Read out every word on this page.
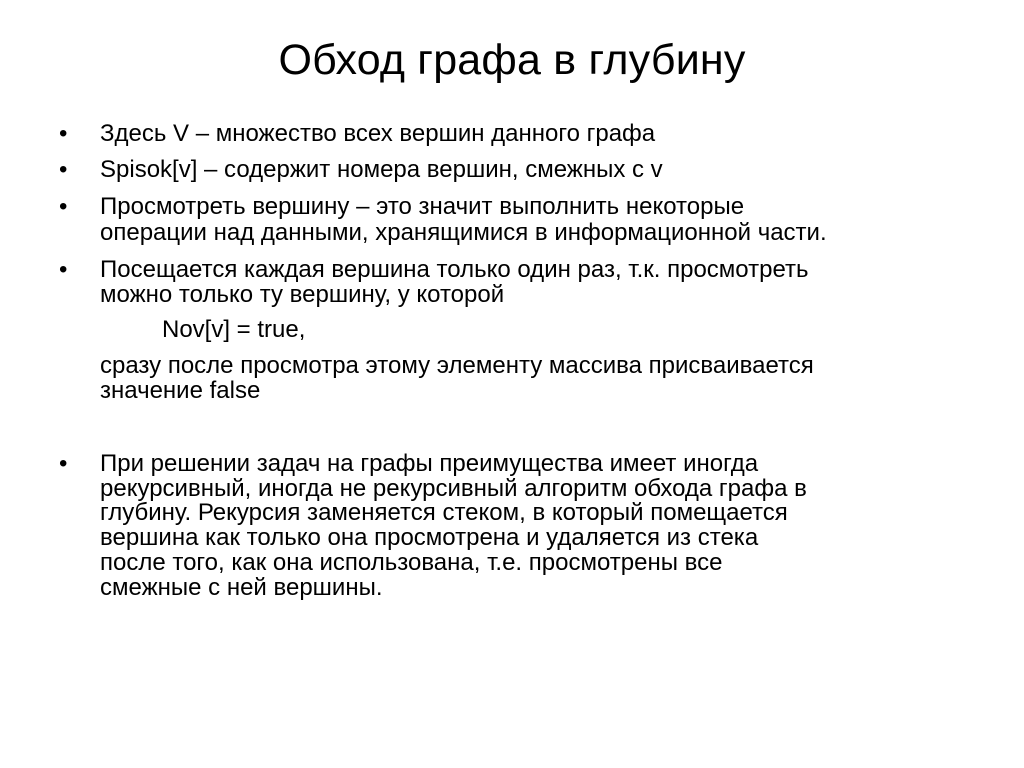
Обход графа в глубину
• Здесь V – множество всех вершин данного графа
• Spisok[v] – содержит номера вершин, смежных с v
• Просмотреть вершину – это значит выполнить некоторые
операции над данными, хранящимися в информационной части.
• Посещается каждая вершина только один раз, т.к. просмотреть
можно только ту вершину, у которой
Nov[v] = true,
сразу после просмотра этому элементу массива присваивается
значение false
• При решении задач на графы преимущества имеет иногда
рекурсивный, иногда не рекурсивный алгоритм обхода графа в
глубину. Рекурсия заменяется стеком, в который помещается
вершина как только она просмотрена и удаляется из стека
после того, как она использована, т.е. просмотрены все
смежные с ней вершины.
